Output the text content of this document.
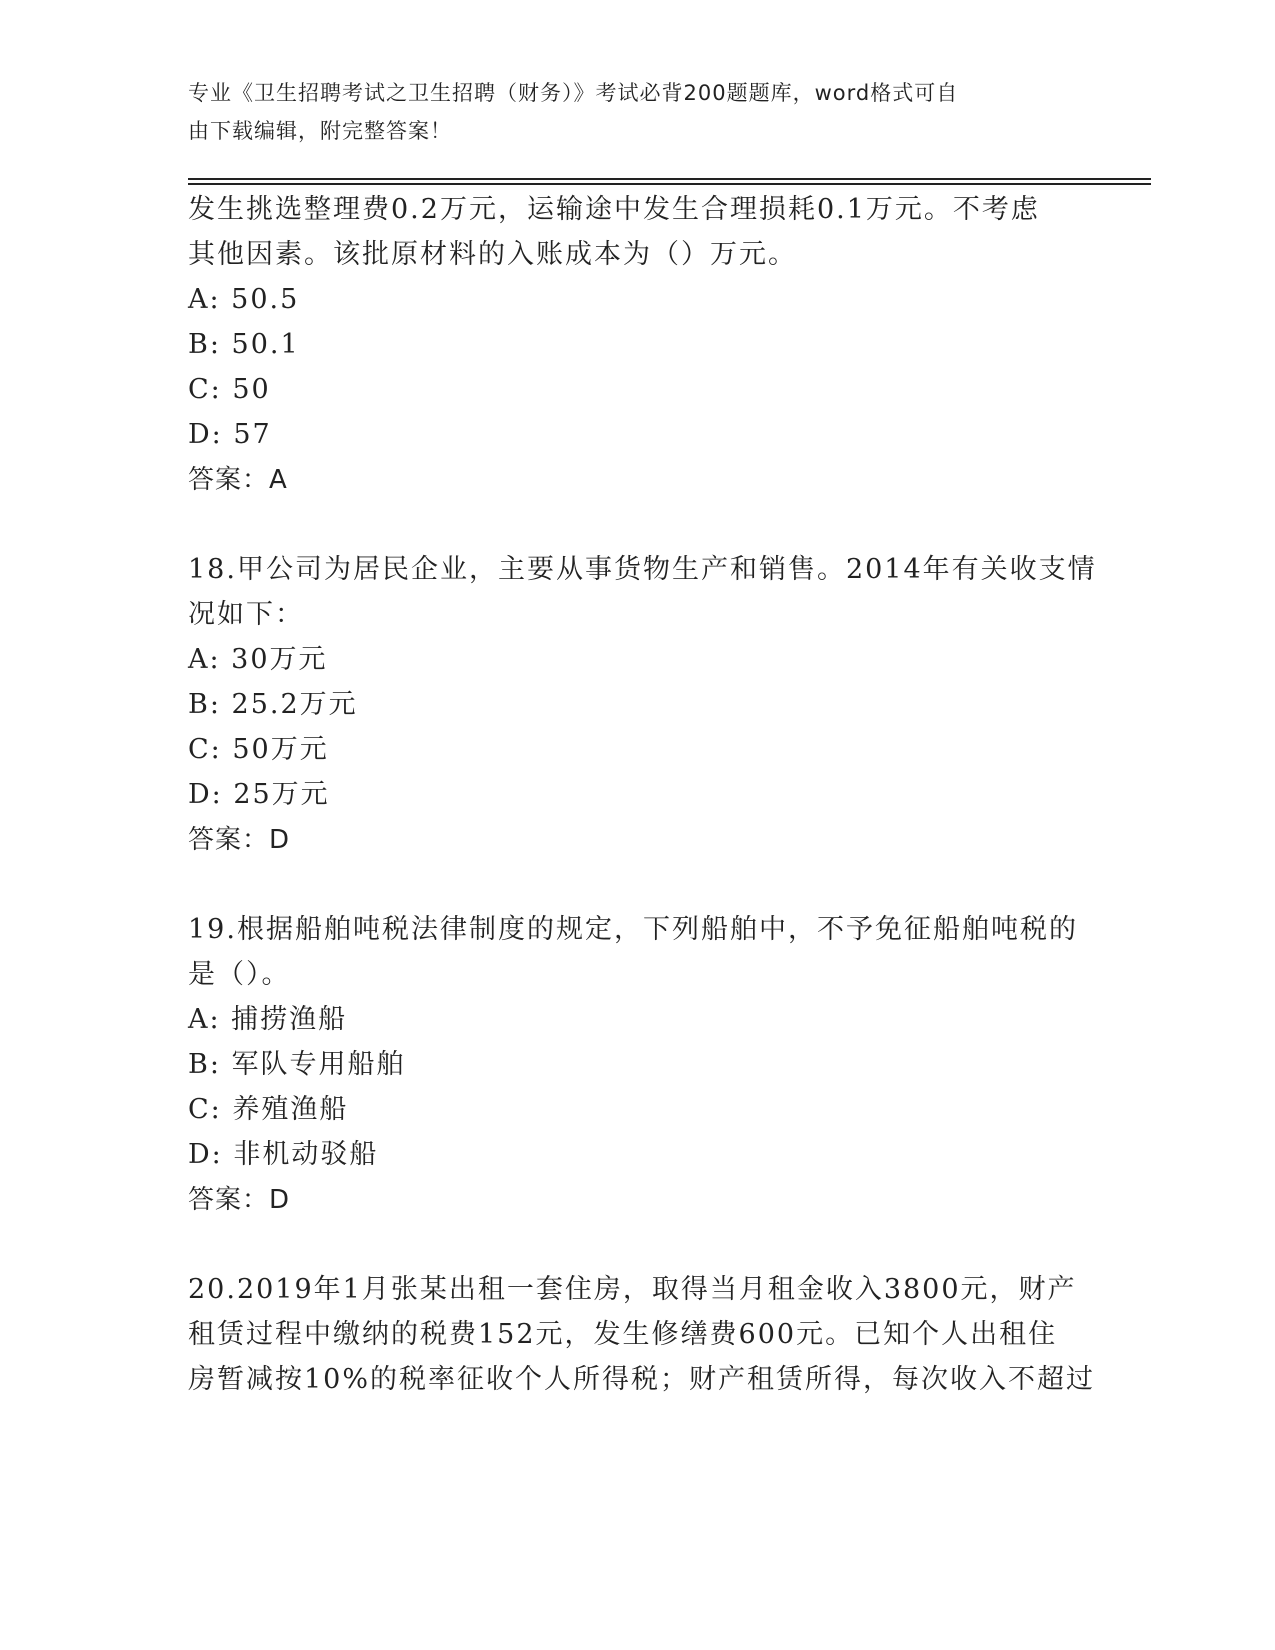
专业《卫生招聘考试之卫生招聘（财务）》考试必背200题题库，word格式可自
由下载编辑，附完整答案！
发生挑选整理费0.2万元，运输途中发生合理损耗0.1万元。不考虑
其他因素。该批原材料的入账成本为（）万元。
A: 50.5
B: 50.1
C: 50
D: 57
答案：A
18.甲公司为居民企业，主要从事货物生产和销售。2014年有关收支情
况如下：
A: 30万元
B: 25.2万元
C: 50万元
D: 25万元
答案：D
19.根据船舶吨税法律制度的规定，下列船舶中，不予免征船舶吨税的
是（）。
A: 捕捞渔船
B: 军队专用船舶
C: 养殖渔船
D: 非机动驳船
答案：D
20.2019年1月张某出租一套住房，取得当月租金收入3800元，财产
租赁过程中缴纳的税费152元，发生修缮费600元。已知个人出租住
房暂减按10%的税率征收个人所得税；财产租赁所得，每次收入不超过
